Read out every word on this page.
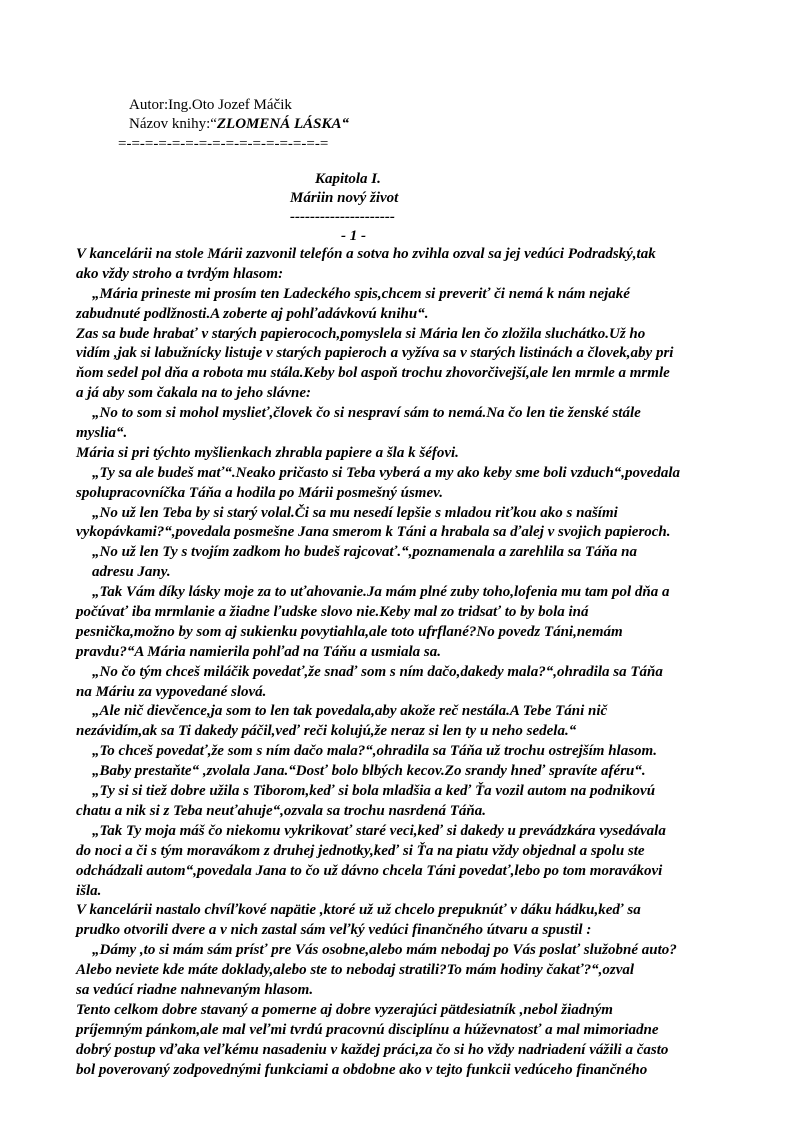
Autor:Ing.Oto Jozef Máčik
Názov knihy:“ZLOMENÁ LÁSKA“
=-=-=-=-=-=-=-=-=-=-=-=-=-=-=-=
Kapitola I.
Máriin nový život
---------------------
- 1 -
V kancelárii na stole Márii zazvonil telefón a sotva ho zvihla ozval sa jej vedúci Podradský,tak
ako vždy stroho a tvrdým hlasom:
„Mária prineste mi prosím ten Ladeckého spis,chcem si preveriť či nemá k nám nejaké
zabudnuté podlžnosti.A zoberte aj pohľadávkovú knihu“.
Zas sa bude hrabať v starých papierococh,pomyslela si Mária len čo zložila sluchátko.Už ho
vidím ,jak si labužnícky listuje v starých papieroch a vyžíva sa v starých listinách a človek,aby pri
ňom sedel pol dňa a robota mu stála.Keby bol aspoň trochu zhovorčivejší,ale len mrmle a mrmle
a já aby som čakala na to jeho slávne:
„No to som si mohol myslieť,človek čo si nespraví sám to nemá.Na čo len tie ženské stále
myslia“.
Mária si pri týchto myšlienkach zhrabla papiere a šla k šéfovi.
„Ty sa ale budeš mať“.Neako pričasto si Teba vyberá a my ako keby sme boli vzduch“,povedala
spolupracovníčka Táňa a hodila po Márii posmešný úsmev.
„No už len Teba by si starý volal.Či sa mu nesedí lepšie s mladou riťkou ako s našími
vykopávkami?“,povedala posmešne Jana smerom k Táni a hrabala sa ďalej v svojich papieroch.
„No už len Ty s tvojím zadkom ho budeš rajcovať.“,poznamenala a zarehlila sa Táňa na
adresu Jany.
„Tak Vám díky lásky moje za to uťahovanie.Ja mám plné zuby toho,lofenia mu tam pol dňa a
počúvať iba mrmlanie a žiadne ľudske slovo nie.Keby mal zo tridsať to by bola iná
pesnička,možno by som aj sukienku povytiahla,ale toto ufrflané?No povedz Táni,nemám
pravdu?“A Mária namierila pohľad na Táňu a usmiala sa.
„No čo tým chceš miláčik povedať,že snaď som s ním dačo,dakedy mala?“,ohradila sa Táňa
na Máriu za vypovedané slová.
„Ale nič dievčence,ja som to len tak povedala,aby akože reč nestála.A Tebe Táni nič
nezávidím,ak sa Ti dakedy páčil,veď reči kolujú,že neraz si len ty u neho sedela.“
„To chceš povedať,že som s ním dačo mala?“,ohradila sa Táňa už trochu ostrejším hlasom.
„Baby prestaňte“ ,zvolala Jana.“Dosť bolo blbých kecov.Zo srandy hneď spravíte aféru“.
„Ty si si tiež dobre užila s Tiborom,keď si bola mladšia a keď Ťa vozil autom na podnikovú
chatu a nik si z Teba neuťahuje“,ozvala sa trochu nasrdená Táňa.
„Tak Ty moja máš čo niekomu vykrikovať staré veci,keď si dakedy u prevádzkára vysedávala
do noci a či s tým moravákom z druhej jednotky,keď si Ťa na piatu vždy objednal a spolu ste
odchádzali autom“,povedala Jana to čo už dávno chcela Táni povedať,lebo po tom moravákovi
išla.
V kancelárii nastalo chvíľkové napätie ,ktoré už už chcelo prepuknúť v dáku hádku,keď sa
prudko otvorili dvere a v nich zastal sám veľký vedúci finančného útvaru a spustil :
„Dámy ,to si mám sám prísť pre Vás osobne,alebo mám nebodaj po Vás poslať služobné auto?
Alebo neviete kde máte doklady,alebo ste to nebodaj stratili?To mám hodiny čakať?“,ozval
sa vedúcí riadne nahnevaným hlasom.
Tento celkom dobre stavaný a pomerne aj dobre vyzerajúci pätdesiatník ,nebol žiadným
príjemným pánkom,ale mal veľmi tvrdú pracovnú disciplínu a húževnatosť a mal mimoriadne
dobrý postup vďaka veľkému nasadeniu v každej práci,za čo si ho vždy nadriadení vážili a často
bol poverovaný zodpovednými funkciami a obdobne ako v tejto funkcii vedúceho finančného
